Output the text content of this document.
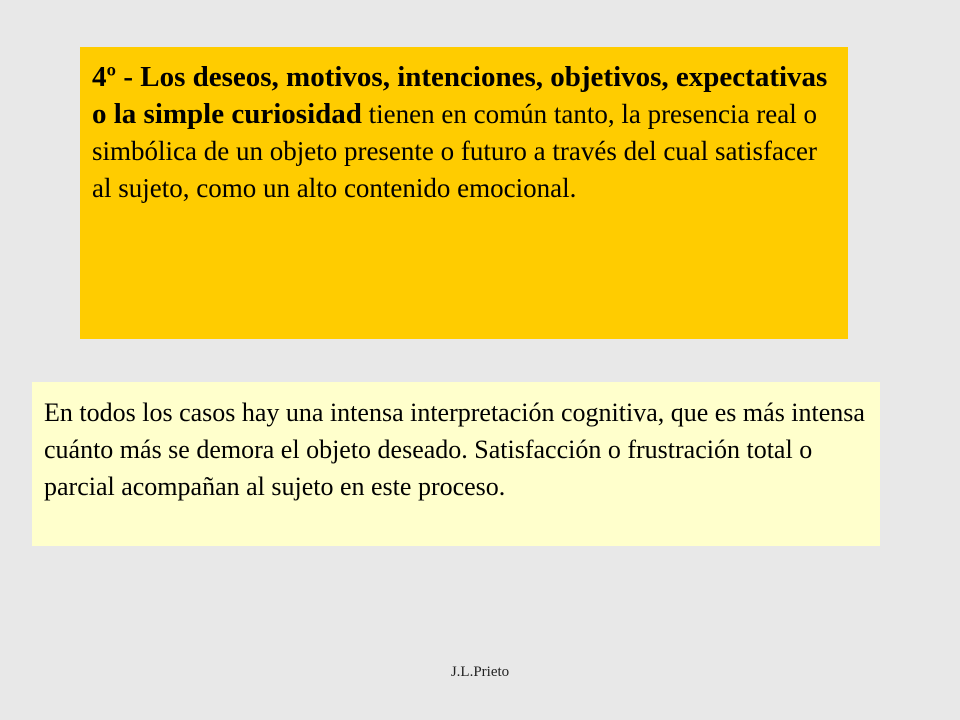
4º - Los deseos, motivos, intenciones, objetivos, expectativas o la simple curiosidad tienen en común tanto, la presencia real o simbólica de un objeto presente o futuro a través del cual satisfacer al sujeto, como un alto contenido emocional.
En todos los casos hay una intensa interpretación cognitiva, que es más intensa cuánto más se demora el objeto deseado. Satisfacción o frustración total o parcial acompañan al sujeto en este proceso.
J.L.Prieto
